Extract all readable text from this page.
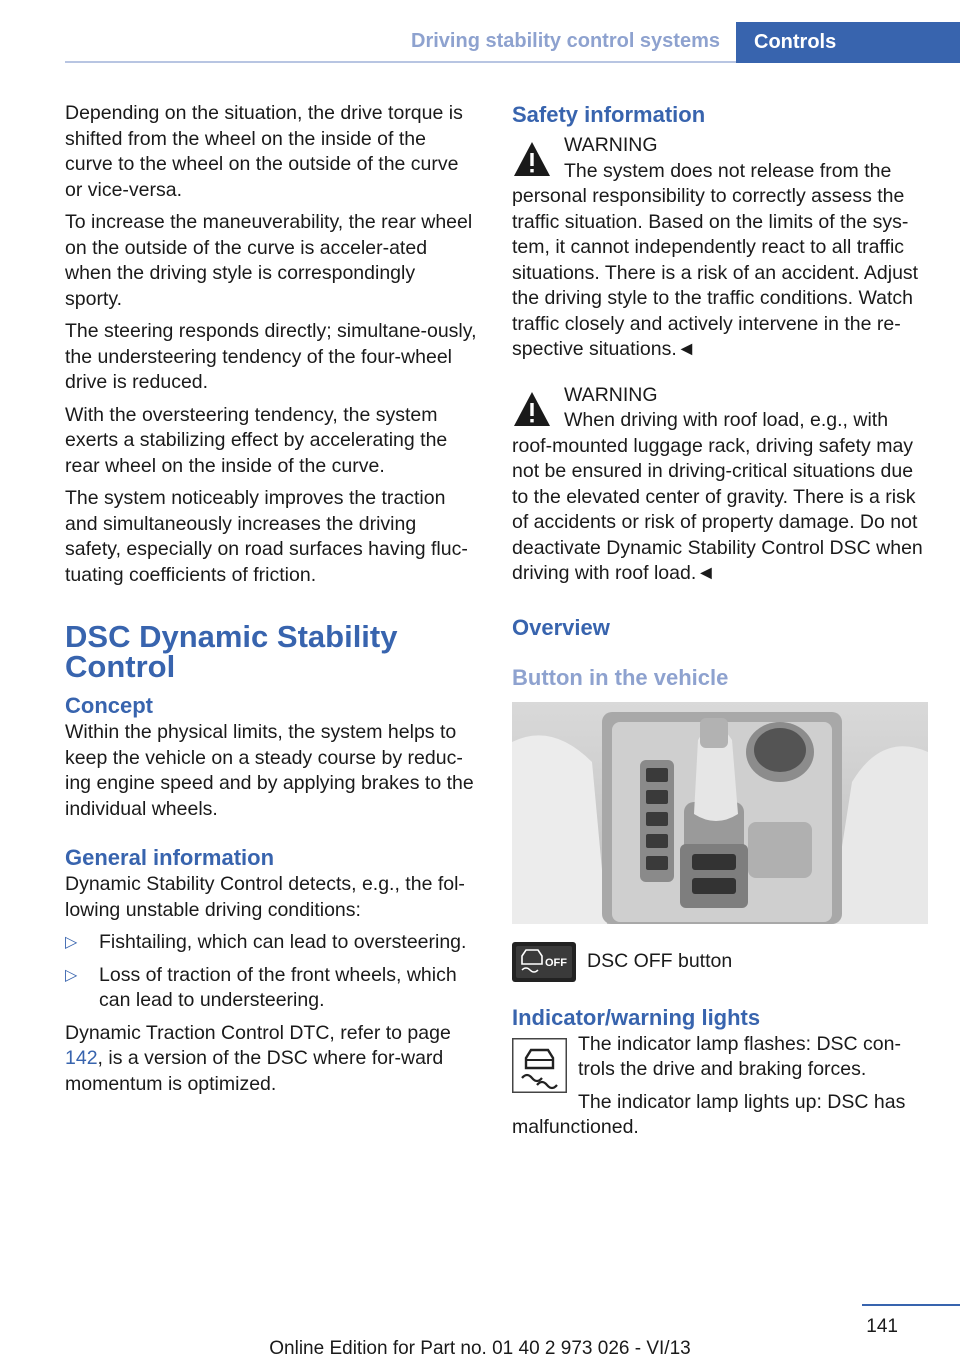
Driving stability control systems	Controls

Depending on the situation, the drive torque is shifted from the wheel on the inside of the curve to the wheel on the outside of the curve or vice-versa.

To increase the maneuverability, the rear wheel on the outside of the curve is acceler-ated when the driving style is correspondingly sporty.

The steering responds directly; simultane-ously, the understeering tendency of the four-wheel drive is reduced.

With the oversteering tendency, the system exerts a stabilizing effect by accelerating the rear wheel on the inside of the curve.

The system noticeably improves the traction and simultaneously increases the driving safety, especially on road surfaces having fluc-tuating coefficients of friction.

DSC Dynamic Stability Control
Concept

Within the physical limits, the system helps to keep the vehicle on a steady course by reduc-ing engine speed and by applying brakes to the individual wheels.

General information

Dynamic Stability Control detects, e.g., the fol-lowing unstable driving conditions:

▷ Fishtailing, which can lead to oversteering.
▷ Loss of traction of the front wheels, which can lead to understeering.

Dynamic Traction Control DTC, refer to page 142, is a version of the DSC where for-ward momentum is optimized.

Safety information
WARNING
The system does not release from the personal responsibility to correctly assess the traffic situation. Based on the limits of the sys-tem, it cannot independently react to all traffic situations. There is a risk of an accident. Adjust the driving style to the traffic conditions. Watch traffic closely and actively intervene in the re-spective situations.◄
WARNING
When driving with roof load, e.g., with roof-mounted luggage rack, driving safety may not be ensured in driving-critical situations due to the elevated center of gravity. There is a risk of accidents or risk of property damage. Do not deactivate Dynamic Stability Control DSC when driving with roof load.◄
Overview
Button in the vehicle
OFF DSC OFF button
Indicator/warning lights

The indicator lamp flashes: DSC con-trols the drive and braking forces.

The indicator lamp lights up: DSC has malfunctioned.

141
Online Edition for Part no. 01 40 2 973 026 - VI/13
